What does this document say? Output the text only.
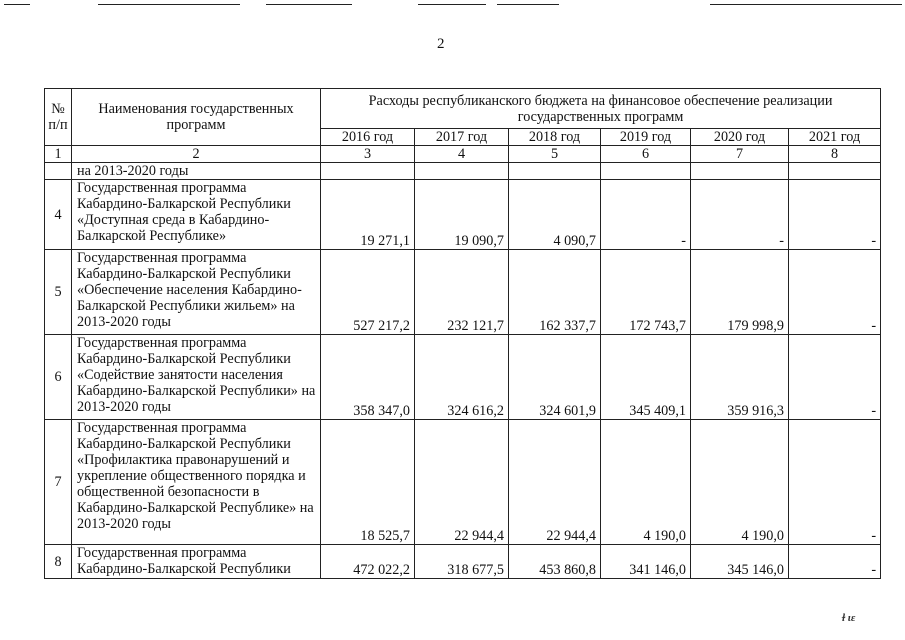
2
№ п/п	Наименования государственных программ	Расходы республиканского бюджета на финансовое обеспечение реализации государственных программ					
		2016 год	2017 год	2018 год	2019 год	2020 год	2021 год
1	2	3	4	5	6	7	8
	на 2013-2020 годы						
4	Государственная программа Кабардино-Балкарской Республики «Доступная среда в Кабардино-Балкарской Республике»	19 271,1	19 090,7	4 090,7	-	-	-
5	Государственная программа Кабардино-Балкарской Республики «Обеспечение населения Кабардино-Балкарской Республики жильем» на 2013-2020 годы	527 217,2	232 121,7	162 337,7	172 743,7	179 998,9	-
6	Государственная программа Кабардино-Балкарской Республики «Содействие занятости населения Кабардино-Балкарской Республики» на 2013-2020 годы	358 347,0	324 616,2	324 601,9	345 409,1	359 916,3	-
7	Государственная программа Кабардино-Балкарской Республики «Профилактика правонарушений и укрепление общественного порядка и общественной безопасности в Кабардино-Балкарской Республике» на 2013-2020 годы	18 525,7	22 944,4	22 944,4	4 190,0	4 190,0	-
8	Государственная программа Кабардино-Балкарской Республики	472 022,2	318 677,5	453 860,8	341 146,0	345 146,0	-
ɫ ɩɛ
